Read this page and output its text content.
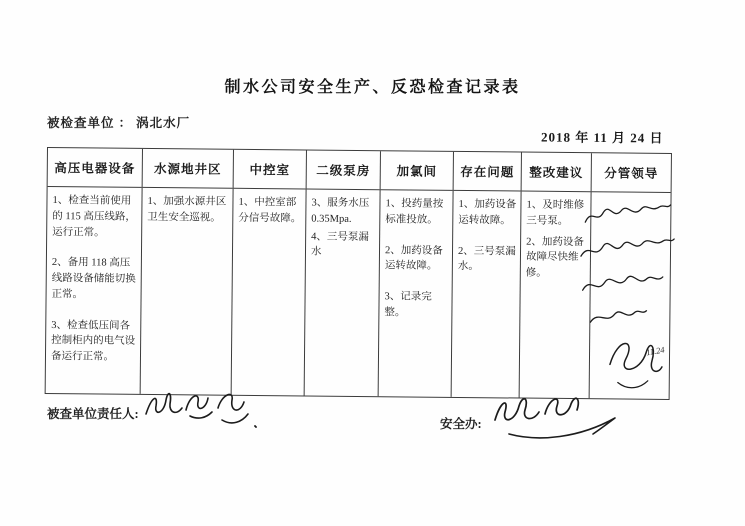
制水公司安全生产、反恐检查记录表
被检查单位 ： 涡北水厂
2018 年 11 月 24 日
高压电器设备

1、检查当前使用的 115 高压线路，运行正常。

2、备用 118 高压线路设备储能切换正常。

3、检查低压间各控制柜内的电气设备运行正常。

水源地井区

1、加强水源井区卫生安全巡视。

中控室

1、中控室部分信号故障。

二级泵房

3、服务水压 0.35Mpa.

4、三号泵漏水

加氯间

1、投药量按标准投放。

2、加药设备运转故障。

3、记录完整。

存在问题

1、加药设备运转故障。

2、三号泵漏水。

整改建议

1、及时维修三号泵。

2、加药设备故障尽快维修。

分管领导
11.24
被查单位责任人:
安全办:
